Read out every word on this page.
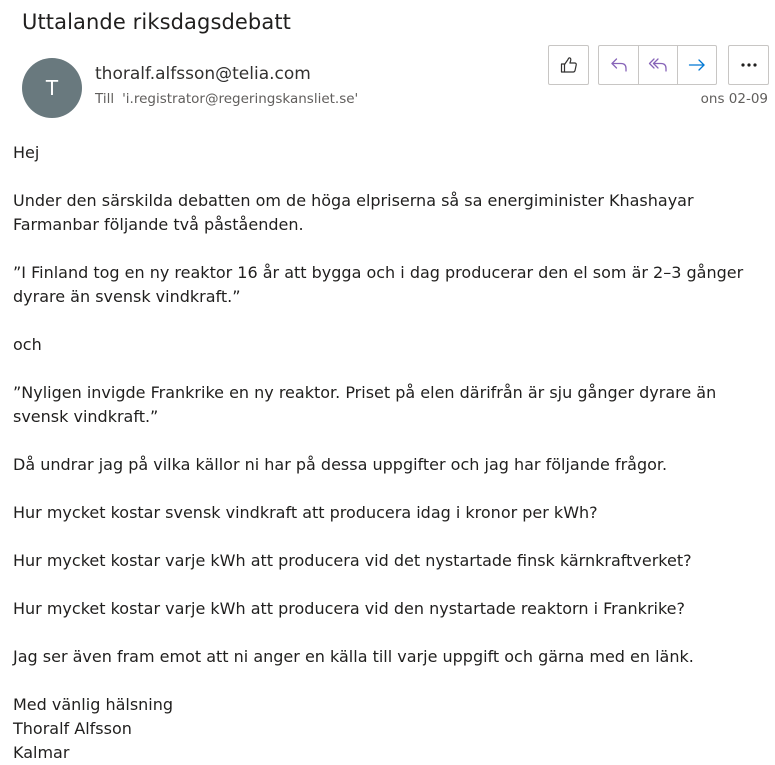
Uttalande riksdagsdebatt
T
thoralf.alfsson@telia.com
Till 'i.registrator@regeringskansliet.se'	ons 02-09

Hej

Under den särskilda debatten om de höga elpriserna så sa energiminister Khashayar Farmanbar följande två påståenden.

”I Finland tog en ny reaktor 16 år att bygga och i dag producerar den el som är 2–3 gånger dyrare än svensk vindkraft.”

och

”Nyligen invigde Frankrike en ny reaktor. Priset på elen därifrån är sju gånger dyrare än svensk vindkraft.”

Då undrar jag på vilka källor ni har på dessa uppgifter och jag har följande frågor.

Hur mycket kostar svensk vindkraft att producera idag i kronor per kWh?

Hur mycket kostar varje kWh att producera vid det nystartade finsk kärnkraftverket?

Hur mycket kostar varje kWh att producera vid den nystartade reaktorn i Frankrike?

Jag ser även fram emot att ni anger en källa till varje uppgift och gärna med en länk.

Med vänlig hälsning

Thoralf Alfsson

Kalmar
